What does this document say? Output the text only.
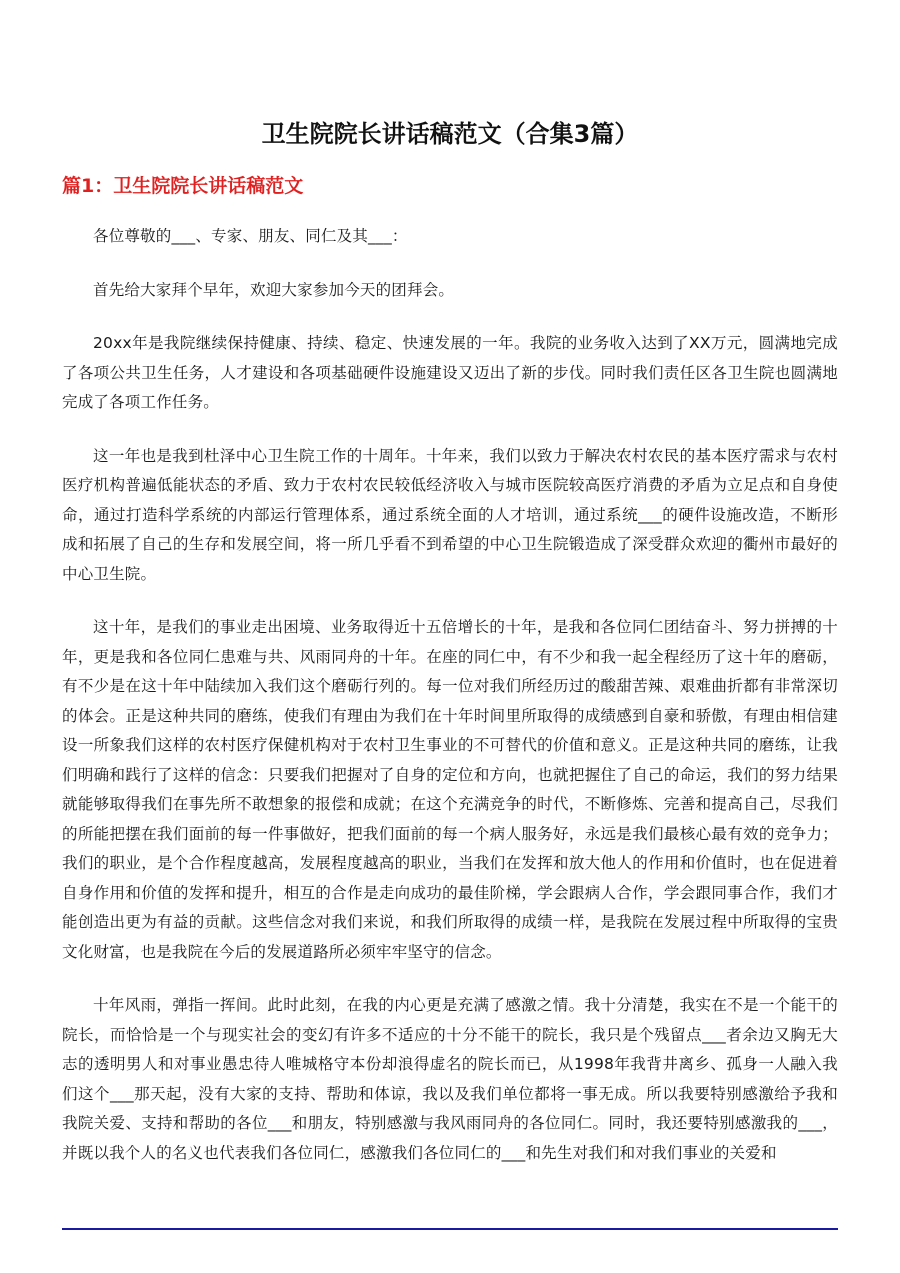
卫生院院长讲话稿范文（合集3篇）
篇1：卫生院院长讲话稿范文

各位尊敬的___、专家、朋友、同仁及其___：

首先给大家拜个早年，欢迎大家参加今天的团拜会。

20xx年是我院继续保持健康、持续、稳定、快速发展的一年。我院的业务收入达到了XX万元，圆满地完成了各项公共卫生任务，人才建设和各项基础硬件设施建设又迈出了新的步伐。同时我们责任区各卫生院也圆满地完成了各项工作任务。

这一年也是我到杜泽中心卫生院工作的十周年。十年来，我们以致力于解决农村农民的基本医疗需求与农村医疗机构普遍低能状态的矛盾、致力于农村农民较低经济收入与城市医院较高医疗消费的矛盾为立足点和自身使命，通过打造科学系统的内部运行管理体系，通过系统全面的人才培训，通过系统___的硬件设施改造，不断形成和拓展了自己的生存和发展空间，将一所几乎看不到希望的中心卫生院锻造成了深受群众欢迎的衢州市最好的中心卫生院。

这十年，是我们的事业走出困境、业务取得近十五倍增长的十年，是我和各位同仁团结奋斗、努力拼搏的十年，更是我和各位同仁患难与共、风雨同舟的十年。在座的同仁中，有不少和我一起全程经历了这十年的磨砺，有不少是在这十年中陆续加入我们这个磨砺行列的。每一位对我们所经历过的酸甜苦辣、艰难曲折都有非常深切的体会。正是这种共同的磨练，使我们有理由为我们在十年时间里所取得的成绩感到自豪和骄傲，有理由相信建设一所象我们这样的农村医疗保健机构对于农村卫生事业的不可替代的价值和意义。正是这种共同的磨练，让我们明确和践行了这样的信念：只要我们把握对了自身的定位和方向，也就把握住了自己的命运，我们的努力结果就能够取得我们在事先所不敢想象的报偿和成就；在这个充满竞争的时代，不断修炼、完善和提高自己，尽我们的所能把摆在我们面前的每一件事做好，把我们面前的每一个病人服务好，永远是我们最核心最有效的竞争力；我们的职业，是个合作程度越高，发展程度越高的职业，当我们在发挥和放大他人的作用和价值时，也在促进着自身作用和价值的发挥和提升，相互的合作是走向成功的最佳阶梯，学会跟病人合作，学会跟同事合作，我们才能创造出更为有益的贡献。这些信念对我们来说，和我们所取得的成绩一样，是我院在发展过程中所取得的宝贵文化财富，也是我院在今后的发展道路所必须牢牢坚守的信念。

十年风雨，弹指一挥间。此时此刻，在我的内心更是充满了感激之情。我十分清楚，我实在不是一个能干的院长，而恰恰是一个与现实社会的变幻有许多不适应的十分不能干的院长，我只是个残留点___者余边又胸无大志的透明男人和对事业愚忠待人唯城格守本份却浪得虚名的院长而已，从1998年我背井离乡、孤身一人融入我们这个___那天起，没有大家的支持、帮助和体谅，我以及我们单位都将一事无成。所以我要特别感激给予我和我院关爱、支持和帮助的各位___和朋友，特别感激与我风雨同舟的各位同仁。同时，我还要特别感激我的___，并既以我个人的名义也代表我们各位同仁，感激我们各位同仁的___和先生对我们和对我们事业的关爱和
